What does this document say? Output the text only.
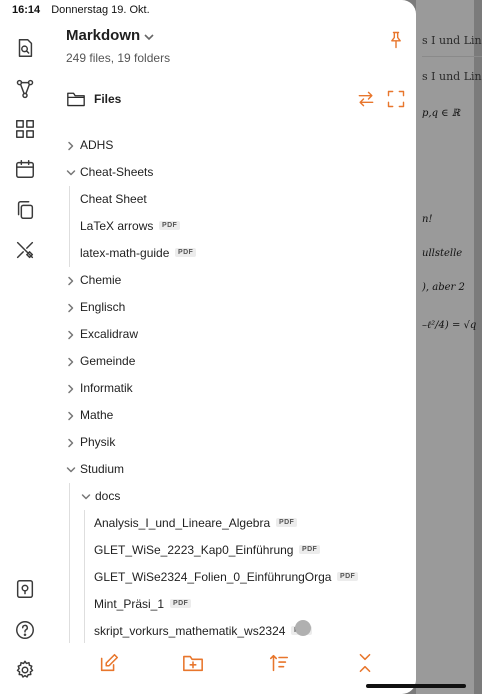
s I und Lin
s I und Lin
p,q ∈ ℝ
n!
ullstelle
), aber 2
–ℓ²/4) = √q
16:14 Donnerstag 19. Okt.
Markdown
249 files, 19 folders
Files
ADHS
Cheat-Sheets
Cheat Sheet
LaTeX arrows	PDF
latex-math-guide	PDF
Chemie
Englisch
Excalidraw
Gemeinde
Informatik
Mathe
Physik
Studium
docs
Analysis_I_und_Lineare_Algebra	PDF
GLET_WiSe_2223_Kap0_Einführung	PDF
GLET_WiSe2324_Folien_0_EinführungOrga	PDF
Mint_Präsi_1	PDF
skript_vorkurs_mathematik_ws2324
